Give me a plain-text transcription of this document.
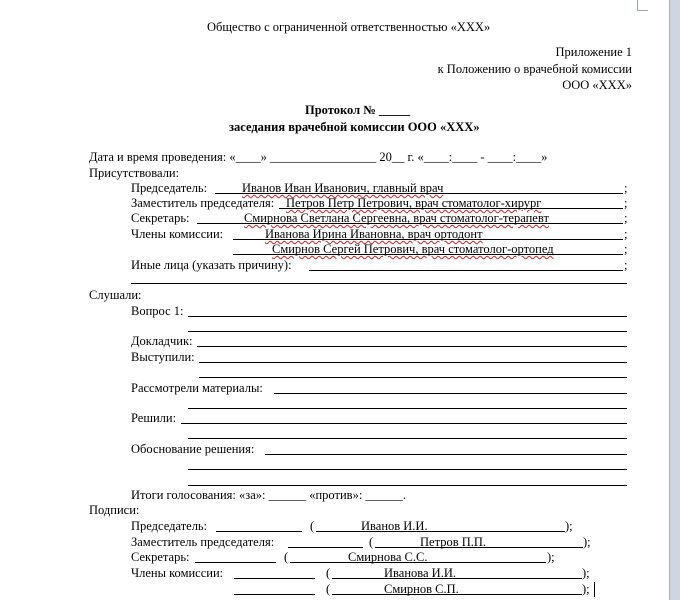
Общество с ограниченной ответственностью «XXX»
Приложение 1
к Положению о врачебной комиссии
ООО «XXX»
Протокол № _____
заседания врачебной комиссии ООО «XXX»
Дата и время проведения: «____» _________________ 20__ г. «____:____ - ____:____»
Присутствовали:
Председатель:	Иванов Иван Иванович, главный врач	;
Заместитель председателя: Петров Петр Петрович, врач стоматолог-хирург	;
Секретарь:	Смирнова Светлана Сергеевна, врач стоматолог-терапевт	;
Члены комиссии:	Иванова Ирина Ивановна, врач ортодонт	;
Смирнов Сергей Петрович, врач стоматолог-ортопед	;
Иные лица (указать причину):	;
Слушали:
Вопрос 1:
Докладчик:
Выступили:
Рассмотрели материалы:
Решили:
Обоснование решения:
Итоги голосования: «за»: ______ «против»: ______.
Подписи:
Председатель:	(	Иванов И.И.	);
Заместитель председателя:	(	Петров П.П.	);
Секретарь:	(	Смирнова С.С.	);
Члены комиссии:	(	Иванова И.И.	);
(	Смирнов С.П.	);
